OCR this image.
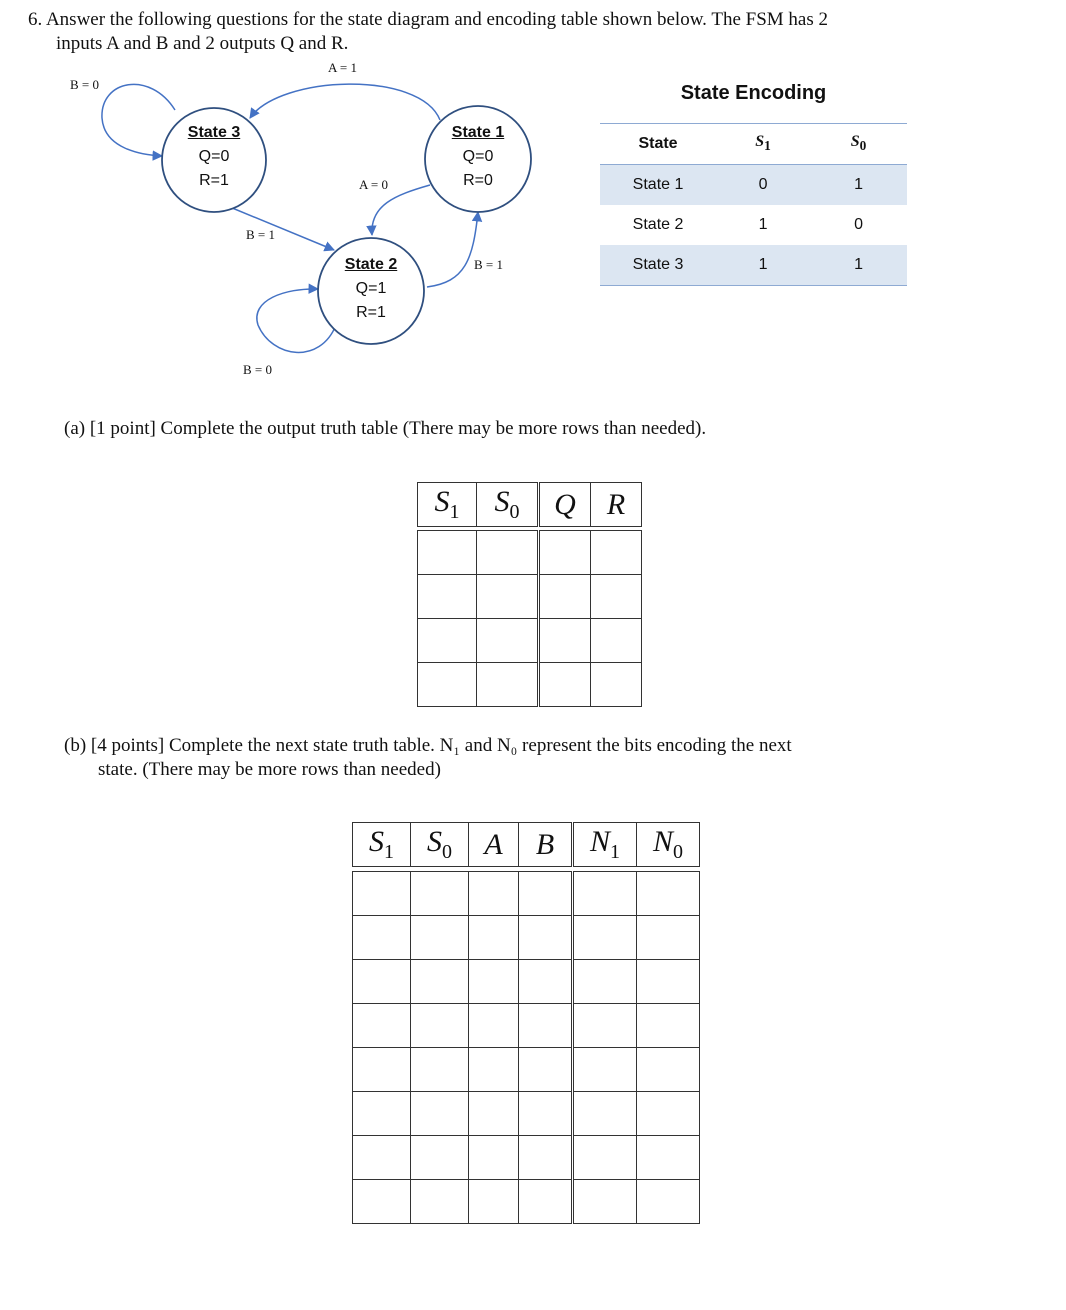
6. Answer the following questions for the state diagram and encoding table shown below. The FSM has 2
inputs A and B and 2 outputs Q and R.
State 3
Q=0
R=1
State 1
Q=0
R=0
State 2
Q=1
R=1
A = 1
B = 0
A = 0
B = 1
B = 1
B = 0
State Encoding
State	$S_1$	$S_0$
State 1	0	1
State 2	1	0
State 3	1	1
(a) [1 point] Complete the output truth table (There may be more rows than needed).
$S_1$	$S_0$	Q	R

(b) [4 points] Complete the next state truth table. N₁ and N₀ represent the bits encoding the next
state. (There may be more rows than needed)
$S_1$	$S_0$	A	B	$N_1$	$N_0$
